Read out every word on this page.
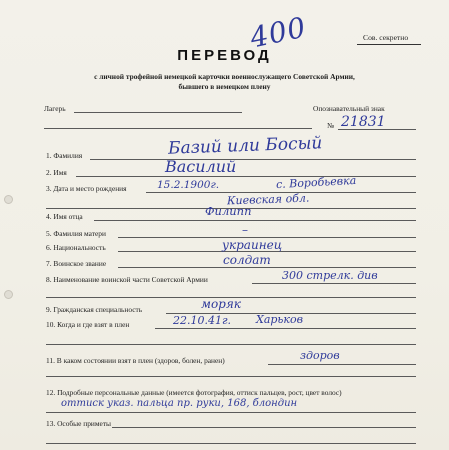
Сов. секретно
400
ПЕРЕВОД
с личной трофейной немецкой карточки военнослужащего Советской Армии,
бывшего в немецком плену
Лагерь	Опознавательный знак
№ 21831
1. Фамилия	Базий или Босый
2. Имя	Василий
3. Дата и место рождения	15.2.1900г.	с. Воробьевка
Киевская обл.
4. Имя отца	Филипп
5. Фамилия матери	–
6. Национальность	украинец
7. Воинское звание	солдат
8. Наименование воинской части Советской Армии	300 стрелк. див
9. Гражданская специальность	моряк
10. Когда и где взят в плен	22.10.41г. Харьков
11. В каком состоянии взят в плен (здоров, болен, ранен)	здоров
12. Подробные персональные данные (имеется фотография, оттиск пальцев, рост, цвет волос)
оттиск указ. пальца пр. руки, 168, блондин
13. Особые приметы
